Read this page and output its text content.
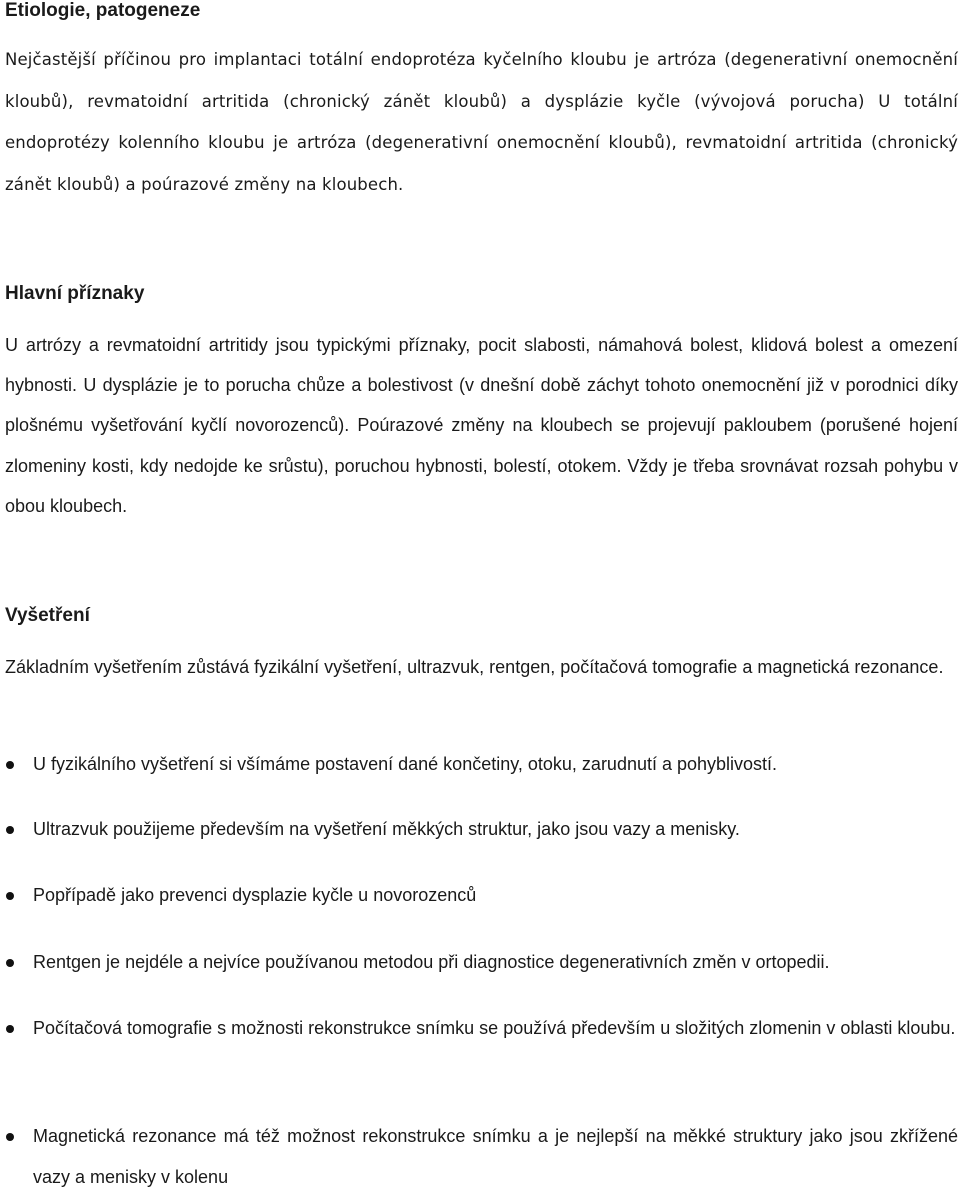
Etiologie, patogeneze

Nejčastější příčinou pro implantaci totální endoprotéza kyčelního kloubu je artróza (degenerativní onemocnění kloubů), revmatoidní artritida (chronický zánět kloubů) a dysplázie kyčle (vývojová porucha) U totální endoprotézy kolenního kloubu je artróza (degenerativní onemocnění kloubů), revmatoidní artritida (chronický zánět kloubů) a poúrazové změny na kloubech.

Hlavní příznaky

U artrózy a revmatoidní artritidy jsou typickými příznaky, pocit slabosti, námahová bolest, klidová bolest a omezení hybnosti. U dysplázie je to porucha chůze a bolestivost (v dnešní době záchyt tohoto onemocnění již v porodnici díky plošnému vyšetřování kyčlí novorozenců). Poúrazové změny na kloubech se projevují pakloubem (porušené hojení zlomeniny kosti, kdy nedojde ke srůstu), poruchou hybnosti, bolestí, otokem. Vždy je třeba srovnávat rozsah pohybu v obou kloubech.

Vyšetření

Základním vyšetřením zůstává fyzikální vyšetření, ultrazvuk, rentgen, počítačová tomografie a magnetická rezonance.

U fyzikálního vyšetření si všímáme postavení dané končetiny, otoku, zarudnutí a pohyblivostí.

Ultrazvuk použijeme především na vyšetření měkkých struktur, jako jsou vazy a menisky.

Popřípadě jako prevenci dysplazie kyčle u novorozenců

Rentgen je nejdéle a nejvíce používanou metodou při diagnostice degenerativních změn v ortopedii.

Počítačová tomografie s možnosti rekonstrukce snímku se používá především u složitých zlomenin v oblasti kloubu.

Magnetická rezonance má též možnost rekonstrukce snímku a je nejlepší na měkké struktury jako jsou zkřížené vazy a menisky v kolenu
